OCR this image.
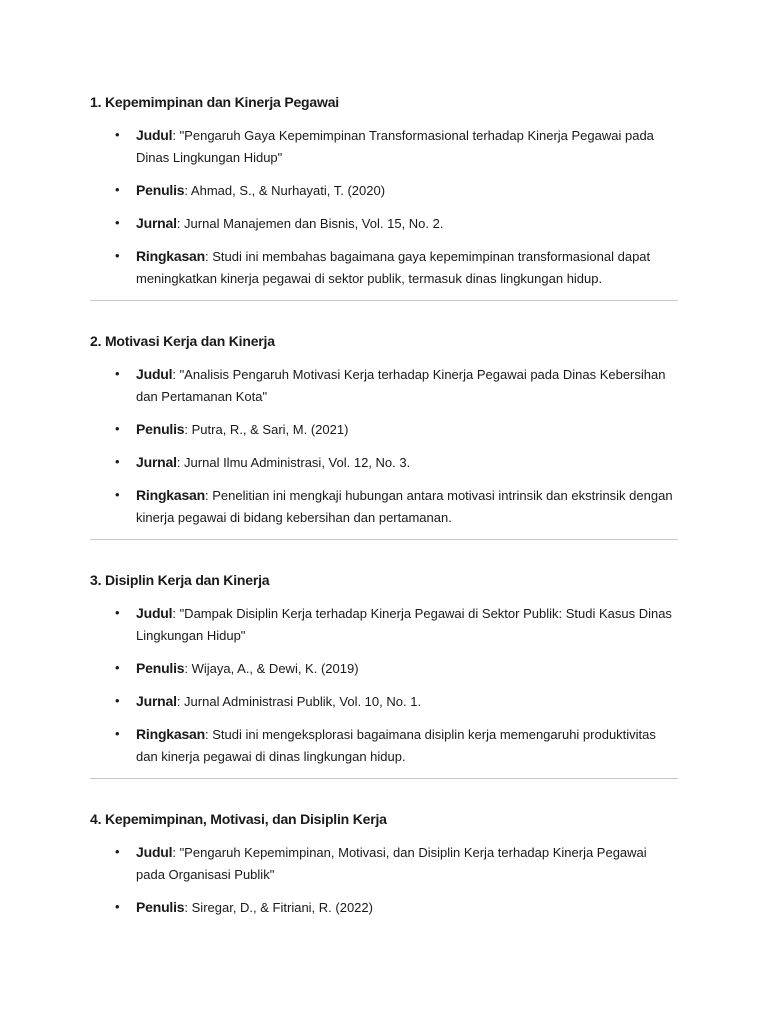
1. Kepemimpinan dan Kinerja Pegawai

• Judul: "Pengaruh Gaya Kepemimpinan Transformasional terhadap Kinerja Pegawai pada Dinas Lingkungan Hidup"
• Penulis: Ahmad, S., & Nurhayati, T. (2020)
• Jurnal: Jurnal Manajemen dan Bisnis, Vol. 15, No. 2.
• Ringkasan: Studi ini membahas bagaimana gaya kepemimpinan transformasional dapat meningkatkan kinerja pegawai di sektor publik, termasuk dinas lingkungan hidup.

2. Motivasi Kerja dan Kinerja

• Judul: "Analisis Pengaruh Motivasi Kerja terhadap Kinerja Pegawai pada Dinas Kebersihan dan Pertamanan Kota"
• Penulis: Putra, R., & Sari, M. (2021)
• Jurnal: Jurnal Ilmu Administrasi, Vol. 12, No. 3.
• Ringkasan: Penelitian ini mengkaji hubungan antara motivasi intrinsik dan ekstrinsik dengan kinerja pegawai di bidang kebersihan dan pertamanan.

3. Disiplin Kerja dan Kinerja

• Judul: "Dampak Disiplin Kerja terhadap Kinerja Pegawai di Sektor Publik: Studi Kasus Dinas Lingkungan Hidup"
• Penulis: Wijaya, A., & Dewi, K. (2019)
• Jurnal: Jurnal Administrasi Publik, Vol. 10, No. 1.
• Ringkasan: Studi ini mengeksplorasi bagaimana disiplin kerja memengaruhi produktivitas dan kinerja pegawai di dinas lingkungan hidup.

4. Kepemimpinan, Motivasi, dan Disiplin Kerja

• Judul: "Pengaruh Kepemimpinan, Motivasi, dan Disiplin Kerja terhadap Kinerja Pegawai pada Organisasi Publik"
• Penulis: Siregar, D., & Fitriani, R. (2022)
